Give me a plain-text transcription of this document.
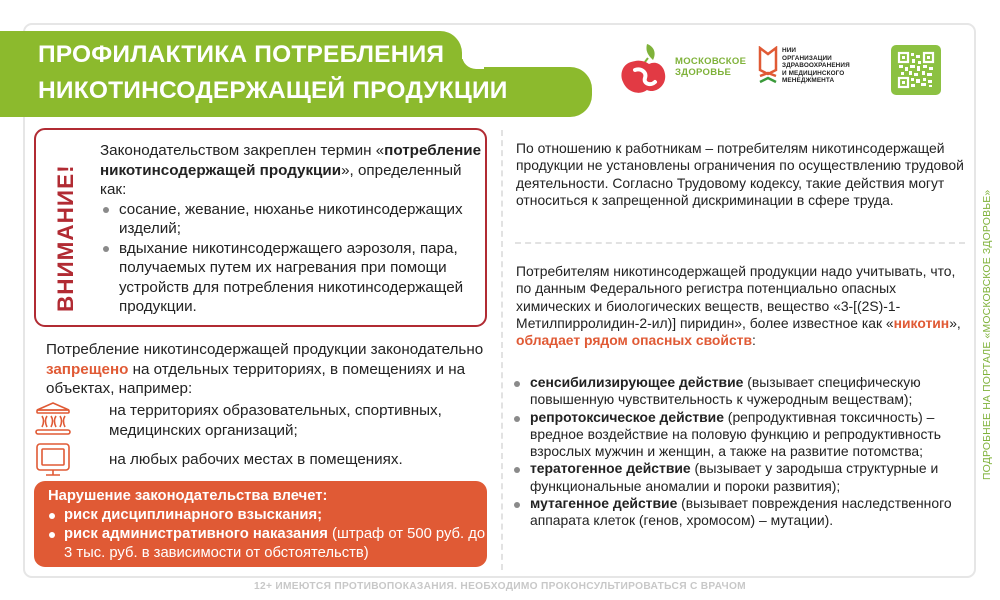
ПРОФИЛАКТИКА ПОТРЕБЛЕНИЯ
НИКОТИНСОДЕРЖАЩЕЙ ПРОДУКЦИИ
МОСКОВСКОЕ
ЗДОРОВЬЕ
НИИ
ОРГАНИЗАЦИИ
ЗДРАВООХРАНЕНИЯ
И МЕДИЦИНСКОГО
МЕНЕДЖМЕНТА
ВНИМАНИЕ!
Законодательством закреплен термин «потребление никотинсодержащей продукции», определенный как:
сосание, жевание, нюханье никотинсодержащих изделий;
вдыхание никотинсодержащего аэрозоля, пара, получаемых путем их нагревания при помощи устройств для потребления никотинсодержащей продукции.
Потребление никотинсодержащей продукции законодательно запрещено на отдельных территориях, в помещениях и на объектах, например:
на территориях образовательных, спортивных, медицинских организаций;
на любых рабочих местах в помещениях.
Нарушение законодательства влечет:
риск дисциплинарного взыскания;
риск административного наказания (штраф от 500 руб. до 3 тыс. руб. в зависимости от обстоятельств)
По отношению к работникам – потребителям никотинсодержащей продукции не установлены ограничения по осуществлению трудовой деятельности. Согласно Трудовому кодексу, такие действия могут относиться к запрещенной дискриминации в сфере труда.
Потребителям никотинсодержащей продукции надо учитывать, что, по данным Федерального регистра потенциально опасных химических и биологических веществ, вещество «3-[(2S)-1-Метилпирролидин-2-ил)] пиридин», более известное как «никотин», обладает рядом опасных свойств:
сенсибилизирующее действие (вызывает специфическую повышенную чувствительность к чужеродным веществам);
репротоксическое действие (репродуктивная токсичность) – вредное воздействие на половую функцию и репродуктивность взрослых мужчин и женщин, а также на развитие потомства;
тератогенное действие (вызывает у зародыша структурные и функциональные аномалии и пороки развития);
мутагенное действие (вызывает повреждения наследственного аппарата клеток (генов, хромосом) – мутации).
ПОДРОБНЕЕ НА ПОРТАЛЕ «МОСКОВСКОЕ ЗДОРОВЬЕ»
12+ ИМЕЮТСЯ ПРОТИВОПОКАЗАНИЯ. НЕОБХОДИМО ПРОКОНСУЛЬТИРОВАТЬСЯ С ВРАЧОМ
